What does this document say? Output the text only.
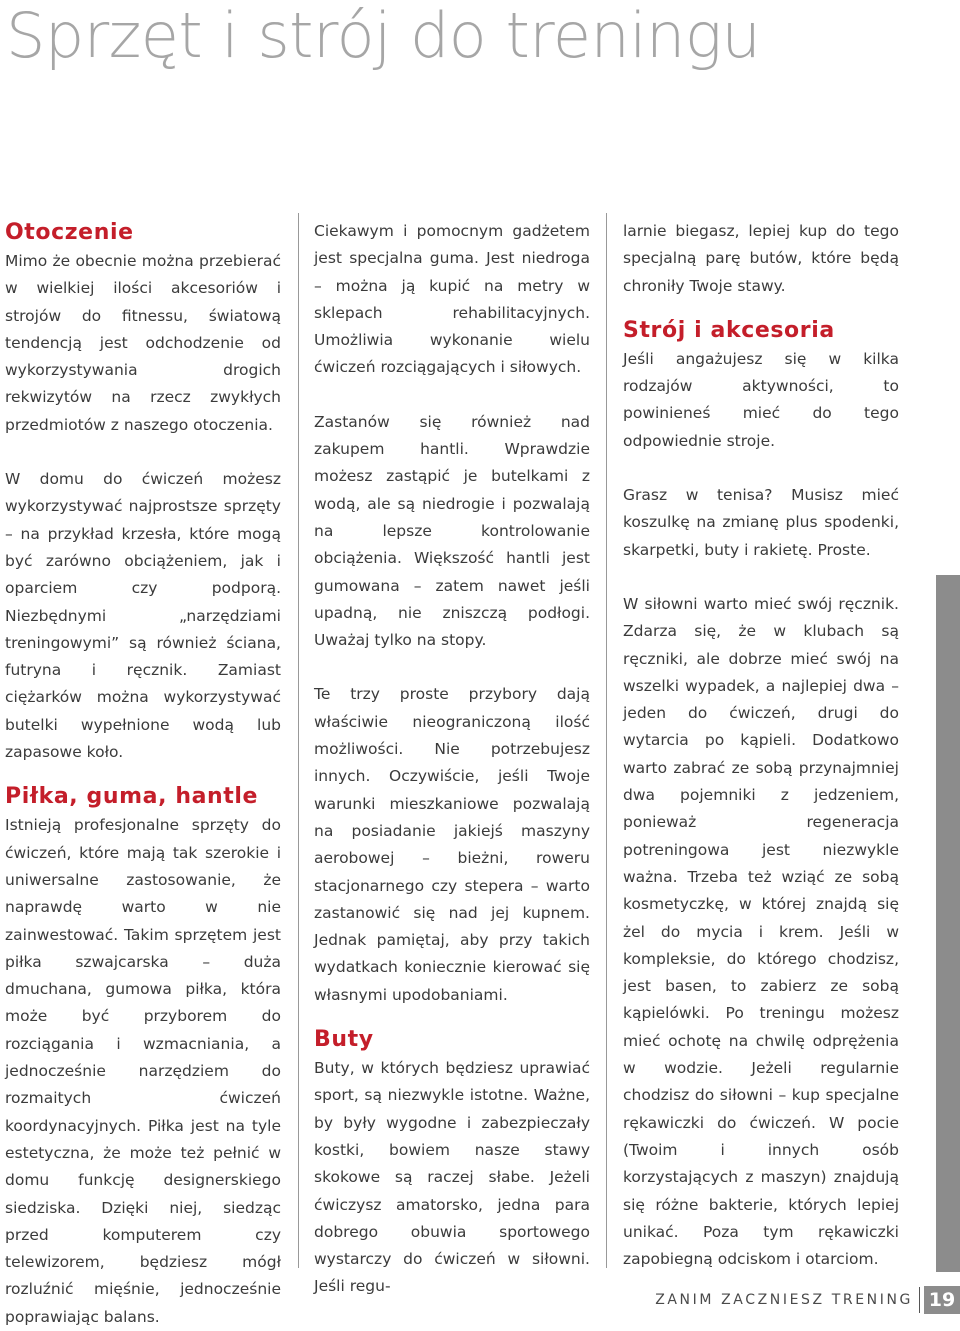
Sprzęt i strój do treningu
Otoczenie

Mimo że obecnie można przebierać w wielkiej ilości akcesoriów i strojów do fitnessu, światową tendencją jest odchodzenie od wykorzystywania drogich rekwizytów na rzecz zwykłych przedmiotów z naszego otoczenia.

W domu do ćwiczeń możesz wykorzystywać najprostsze sprzęty – na przykład krzesła, które mogą być zarówno obciążeniem, jak i oparciem czy podporą. Niezbędnymi „narzędziami treningowymi” są również ściana, futryna i ręcznik. Zamiast ciężarków można wykorzystywać butelki wypełnione wodą lub zapasowe koło.

Piłka, guma, hantle

Istnieją profesjonalne sprzęty do ćwiczeń, które mają tak szerokie i uniwersalne zastosowanie, że naprawdę warto w nie zainwestować. Takim sprzętem jest piłka szwajcarska – duża dmuchana, gumowa piłka, która może być przyborem do rozciągania i wzmacniania, a jednocześnie narzędziem do rozmaitych ćwiczeń koordynacyjnych. Piłka jest na tyle estetyczna, że może też pełnić w domu funkcję designerskiego siedziska. Dzięki niej, siedząc przed komputerem czy telewizorem, będziesz mógł rozluźnić mięśnie, jednocześnie poprawiając balans.

Ciekawym i pomocnym gadżetem jest specjalna guma. Jest niedroga – można ją kupić na metry w sklepach rehabilitacyjnych. Umożliwia wykonanie wielu ćwiczeń rozciągających i siłowych.

Zastanów się również nad zakupem hantli. Wprawdzie możesz zastąpić je butelkami z wodą, ale są niedrogie i pozwalają na lepsze kontrolowanie obciążenia. Większość hantli jest gumowana – zatem nawet jeśli upadną, nie zniszczą podłogi. Uważaj tylko na stopy.

Te trzy proste przybory dają właściwie nieograniczoną ilość możliwości. Nie potrzebujesz innych. Oczywiście, jeśli Twoje warunki mieszkaniowe pozwalają na posiadanie jakiejś maszyny aerobowej – bieżni, roweru stacjonarnego czy stepera – warto zastanowić się nad jej kupnem. Jednak pamiętaj, aby przy takich wydatkach koniecznie kierować się własnymi upodobaniami.

Buty

Buty, w których będziesz uprawiać sport, są niezwykle istotne. Ważne, by były wygodne i zabezpieczały kostki, bowiem nasze stawy skokowe są raczej słabe. Jeżeli ćwiczysz amatorsko, jedna para dobrego obuwia sportowego wystarczy do ćwiczeń w siłowni. Jeśli regu-

larnie biegasz, lepiej kup do tego specjalną parę butów, które będą chroniły Twoje stawy.

Strój i akcesoria

Jeśli angażujesz się w kilka rodzajów aktywności, to powinieneś mieć do tego odpowiednie stroje.

Grasz w tenisa? Musisz mieć koszulkę na zmianę plus spodenki, skarpetki, buty i rakietę. Proste.

W siłowni warto mieć swój ręcznik. Zdarza się, że w klubach są ręczniki, ale dobrze mieć swój na wszelki wypadek, a najlepiej dwa – jeden do ćwiczeń, drugi do wytarcia po kąpieli. Dodatkowo warto zabrać ze sobą przynajmniej dwa pojemniki z jedzeniem, ponieważ regeneracja potreningowa jest niezwykle ważna. Trzeba też wziąć ze sobą kosmetyczkę, w której znajdą się żel do mycia i krem. Jeśli w kompleksie, do którego chodzisz, jest basen, to zabierz ze sobą kąpielówki. Po treningu możesz mieć ochotę na chwilę odprężenia w wodzie. Jeżeli regularnie chodzisz do siłowni – kup specjalne rękawiczki do ćwiczeń. W pocie (Twoim i innych osób korzystających z maszyn) znajdują się różne bakterie, których lepiej unikać. Poza tym rękawiczki zapobiegną odciskom i otarciom.

ZANIM ZACZNIESZ TRENING 19
